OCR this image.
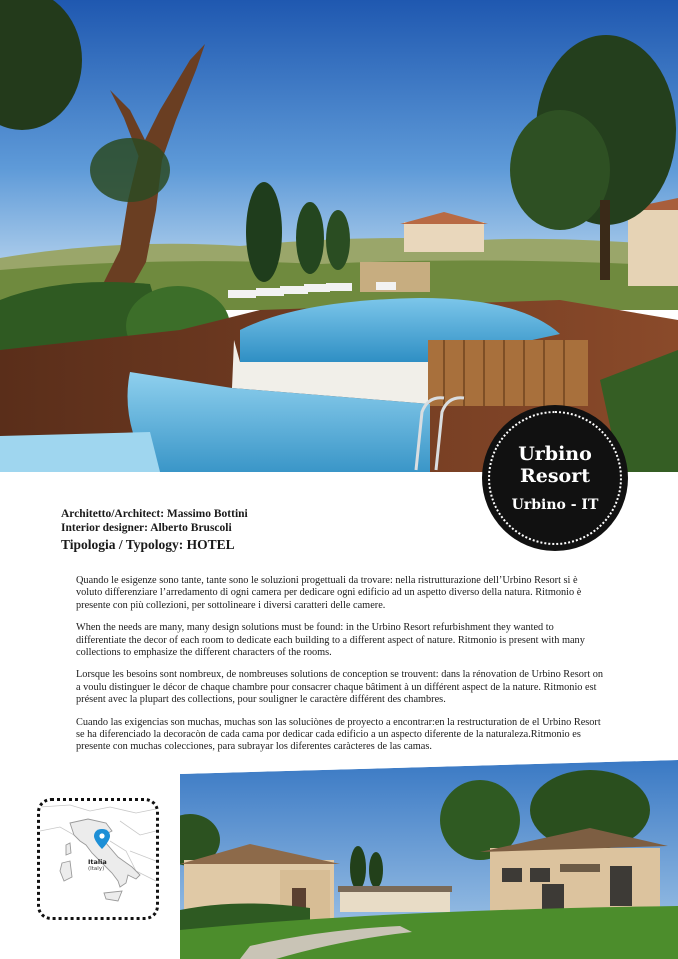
Urbino
Resort
Urbino - IT
Architetto/Architect: Massimo Bottini
Interior designer: Alberto Bruscoli
Tipologia / Typology: HOTEL

Quando le esigenze sono tante, tante sono le soluzioni progettuali da trovare: nella ristrutturazione dell’Urbino Resort si è voluto differenziare l’arredamento di ogni camera per dedicare ogni edificio ad un aspetto diverso della natura. Ritmonio è presente con più collezioni, per sottolineare i diversi caratteri delle camere.

When the needs are many, many design solutions must be found: in the Urbino Resort refurbishment they wanted to differentiate the decor of each room to dedicate each building to a different aspect of nature. Ritmonio is present with many collections to emphasize the different characters of the rooms.

Lorsque les besoins sont nombreux, de nombreuses solutions de conception se trouvent: dans la rénovation de Urbino Resort on a voulu distinguer le décor de chaque chambre pour consacrer chaque bâtiment à un différent aspect de la nature. Ritmonio est présent avec la plupart des collections, pour souligner le caractère différent des chambres.

Cuando las exigencias son muchas, muchas son las soluciònes de proyecto a encontrar:en la restructuration de el Urbino Resort se ha diferenciado la decoracòn de cada cama por dedicar cada edificio a un aspecto diferente de la naturaleza.Ritmonio es presente con muchas coleccìones, para subrayar los diferentes caràcteres de las camas.

Italia
(Italy)
